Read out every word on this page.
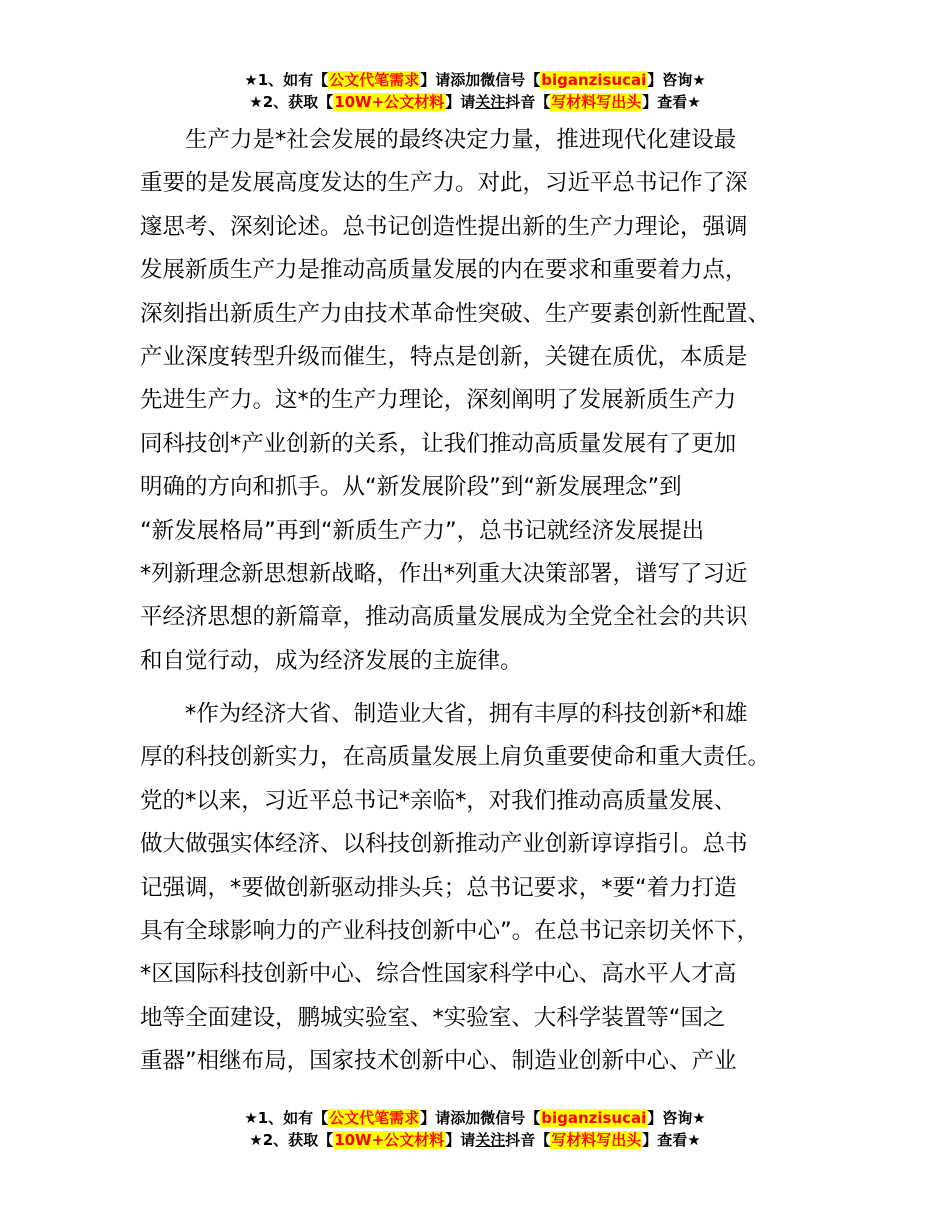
★1、如有【公文代笔需求】请添加微信号【biganzisucai】咨询★
★2、获取【10W+公文材料】请关注抖音【写材料写出头】查看★
生产力是*社会发展的最终决定力量，推进现代化建设最
重要的是发展高度发达的生产力。对此，习近平总书记作了深
邃思考、深刻论述。总书记创造性提出新的生产力理论，强调
发展新质生产力是推动高质量发展的内在要求和重要着力点，
深刻指出新质生产力由技术革命性突破、生产要素创新性配置、
产业深度转型升级而催生，特点是创新，关键在质优，本质是
先进生产力。这*的生产力理论，深刻阐明了发展新质生产力
同科技创*产业创新的关系，让我们推动高质量发展有了更加
明确的方向和抓手。从“新发展阶段”到“新发展理念”到
“新发展格局”再到“新质生产力”，总书记就经济发展提出
*列新理念新思想新战略，作出*列重大决策部署，谱写了习近
平经济思想的新篇章，推动高质量发展成为全党全社会的共识
和自觉行动，成为经济发展的主旋律。
*作为经济大省、制造业大省，拥有丰厚的科技创新*和雄
厚的科技创新实力，在高质量发展上肩负重要使命和重大责任。
党的*以来，习近平总书记*亲临*，对我们推动高质量发展、
做大做强实体经济、以科技创新推动产业创新谆谆指引。总书
记强调，*要做创新驱动排头兵；总书记要求，*要“着力打造
具有全球影响力的产业科技创新中心”。在总书记亲切关怀下，
*区国际科技创新中心、综合性国家科学中心、高水平人才高
地等全面建设，鹏城实验室、*实验室、大科学装置等“国之
重器”相继布局，国家技术创新中心、制造业创新中心、产业
★1、如有【公文代笔需求】请添加微信号【biganzisucai】咨询★
★2、获取【10W+公文材料】请关注抖音【写材料写出头】查看★
